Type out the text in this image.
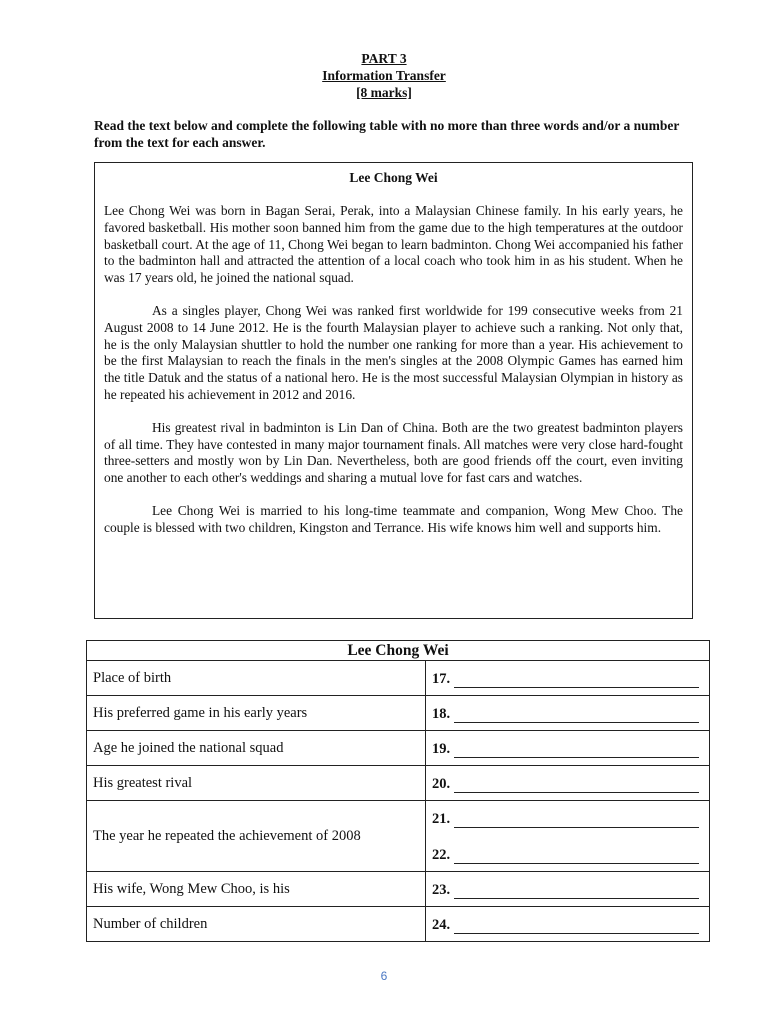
PART 3
Information Transfer
[8 marks]
Read the text below and complete the following table with no more than three words and/or a number from the text for each answer.
Lee Chong Wei

Lee Chong Wei was born in Bagan Serai, Perak, into a Malaysian Chinese family. In his early years, he favored basketball. His mother soon banned him from the game due to the high temperatures at the outdoor basketball court. At the age of 11, Chong Wei began to learn badminton. Chong Wei accompanied his father to the badminton hall and attracted the attention of a local coach who took him in as his student. When he was 17 years old, he joined the national squad.

As a singles player, Chong Wei was ranked first worldwide for 199 consecutive weeks from 21 August 2008 to 14 June 2012. He is the fourth Malaysian player to achieve such a ranking. Not only that, he is the only Malaysian shuttler to hold the number one ranking for more than a year. His achievement to be the first Malaysian to reach the finals in the men's singles at the 2008 Olympic Games has earned him the title Datuk and the status of a national hero. He is the most successful Malaysian Olympian in history as he repeated his achievement in 2012 and 2016.

His greatest rival in badminton is Lin Dan of China. Both are the two greatest badminton players of all time. They have contested in many major tournament finals. All matches were very close hard-fought three-setters and mostly won by Lin Dan. Nevertheless, both are good friends off the court, even inviting one another to each other's weddings and sharing a mutual love for fast cars and watches.

Lee Chong Wei is married to his long-time teammate and companion, Wong Mew Choo. The couple is blessed with two children, Kingston and Terrance. His wife knows him well and supports him.

Lee Chong Wei	
Place of birth	17.

His preferred game in his early years	18.

Age he joined the national squad	19.

His greatest rival	20.

The year he repeated the achievement of 2008	21.
22.

His wife, Wong Mew Choo, is his	23.

Number of children	24.
6
